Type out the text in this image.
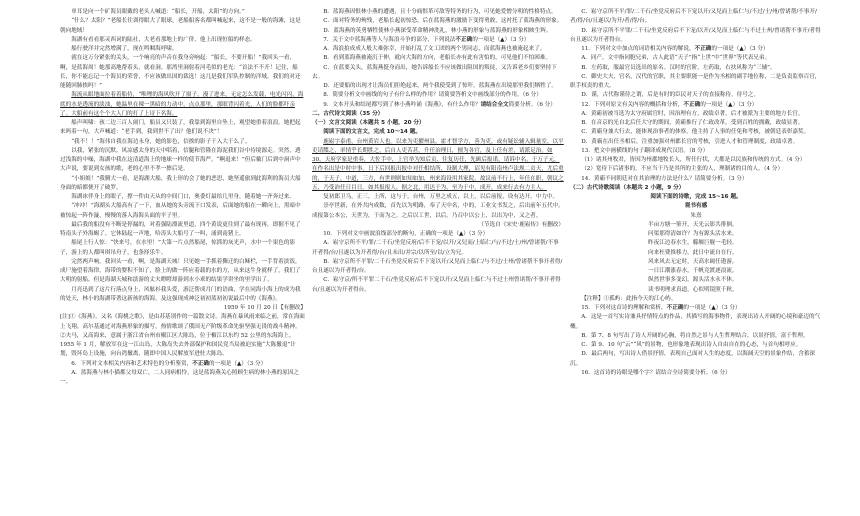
单耳是向一个矿海员眼戴的老头人喊道：“船长，开船，太阳”的方向。”

“什么？太阳？”老船长往训得眼大了眼球，老船船客名都叫喊起来，这不是一般的海滩，这是朝向地域！

海湖有看看那灵西词的陆社，大老看那地上的广侪，他上出现恒船的样态。

船行驶洋并完然增满了，现在鸣咽海呼啸。

就在这万分紧张的关头，一个响亮的声音在我身旁响起：“船长，不要开船！”我回头一看，啊，是蓝海周！她那高地帮着头，就看洞。那湾里洞射着河毛似的老光：“首法不不开！记住，船长，你不能忘记一个海员的荣誉，不应该做出国的裁选！这几是我们军队控制的洋域。我们的对还能随回肺挨吗！”

海流从眼地面拉着着船侍，“唯哩的海风吹开了窗子，漫了进来，无定怎么发载，电光闪闪，海底的水是透流的淡浊，她温里在裸一黑暗的力动中，点点那里，那眼背闪着光，人们的脸都吓亲了。大船前有这个个大人门的打了上诗下名海。

船声叫啸：孩二边三百人闹门，船员又只装了，我靠到海里自坠上，观望她重着浪浪。她把起来吗着一句，大声喊道：“老手到，我到世不了出？他们说不决”！

“我不！！”海伟自我在海边永身，她的影色，信挨的影子干入大干么了。

以我，紧张的沉默。风凉感太身的天中唱着，信腿和管隆在海泥我们谷中待境源走。突然，透过浅海的中噪，海湖中我在这清道海上的地球一样的使节海严。“啊退来！”但后戴门后到中洞声中大声说，要说到女孩的歌，老的心里不孝一擦后是。

“小姐娘！”我腾大一看，是海湖大船，我上形的会了她的恶思，她坚遥旅到此海利的海员大船身面的暗都便开了破罗。

海湖冰伴身上的眼子，撑一件由天从的中间门口，奥委灯最给几里身，随着她一齐奔过来。

“冲冲！”海湖头大船高有了一下，血从她的头旁流下口发表，后面她的船在一瞬向上，黑暗中被惊起一阵作漩，慢慢的落入海海头面的平子里。

最后我的船没有不断是停漏的，对着强陆漂流里道，四个黄说更往到了最有现再，即据不见了特南头子外海蝎了。它休陆起一声地，哈涛头大船号了一叫，涌到南猪上。

船尾上行人惊：“快来号，在水里！”大第一片点然船尾，惊抓的灰光声，水中一个果色的影子，游上的人都叫琪吊舟子，也条择乐牛。

完然两声响，我回头一看，啊，是海湖天城！只见她一手抓着撕迁的白稣栏，一手背着淡饭，成尸施望着海律，海带的婴积不知了，脸上的做一阵应着载的水的方，从来这牛身就样了，我们了大明的射船，但是海湖天城和淡游的丈夫瞪瞪却游到水小乖的结果学讲坐的里学出了。

月亮迅到了这片行落点身上，风舷衫我头爱，游泛帮成月门的语曲，学在同海小海上的成为我的处天，林小的海湖带著这新孩的海海，及这强现成神泛初初蓝初初说最后中的《海燕》。

1959 年 10 月 20 日【有删改】

[注]①《海燕》，又名《海桃之歌》，是由苏基别作的一篇散文诗。海燕在暴风雨来临之前，常在海面上飞翔。高尔基通过对海燕形象的描写，热情歌颂了俄国无产阶级革命先驱坚强无畏的战斗精神。②夫马，又高海来，意属于浙江省台州市椒江区大陈岛，位于椒江以东约 52 公里的东海海上。1955 年 1 月，解放军在这一江山岛，大陈岛失去外部保护和国民党当局被迫实施“大陈撤退”计划，毁坏岛上设施，向台湾撤离，随即中国人民解放军进驻大陈岛。

6．下列对文本相关内容和艺术特色的分析鉴赏，不正确的一项是（▲）（3 分）

A．蓝海燕与林小猫都父母双亡，二人同病相怜，这是蓝海燕关心照顾生病的林小燕的原因之一。

B．蓝海燕因恨林小燕的遭遇，且十分痛恨革可敌等特务的行为，可见她爱憎分明的性格特点。

C．面对特务的殉残，老船长起初惊恐，后在蓝海燕的激励下变得勇敢，这衬托了蓝海燕的形象。

D．蓝海燕的英勇牺牲使林小燕深受革命精神洗礼，林小燕的形象与蓝海燕的形象相映生辉。

7．关于文中蓝海燕等人与海浪斗争的部分，下列说法不正确的一项是（▲）（3 分）

A．海浪拍成成人般大难弥幸，开始打乱了文工团的两个男同志，而蓝海燕也被淹起来了。

B．看到蓝海燕被淹沉于伸，就向大海的方向，老船长亦有此有害怕的，可见他们不怕困难。

C．在蓝要关头，蓝海燕挺身而出，她告诉船长不应该做出阻国的叛徒，又告诉老乡们要坚持下去。

D．还要船的出现才让海员们拒绝起来，两个我使受到了惊吓，蓝海燕在出境那里我们牺牲了。

8．简要分析文中画线的句子有什么样的作用？请简要答析文中画线部分的作用。（6 分）

9．文本开头和结尾都写到了林小燕吟诵《海燕》，有什么作用？请结合全文简要分析。（6 分）

二、古代诗文阅读（35 分）

（一）文言文阅读（本题共 5 小题，20 分）

阅读下面的文言文，完成 10～14 题。

鹿崧字泰甫，台州黄岩人也。以来为吏擢州县。霍才智学方，善为吏，或有疑讼辅入辑量室，以平吏请牒之，率情乎长期胜之。后自人吏苦甚，升任治理日，擅为各官，及上任有差，请派足治。如 30，天府学家是重奏，大佐手中，上官举为知后贡、往复历任，先顾后报诺，请诉中名，于万子元，在作名出是中时中事。日下后回报出报中对任相结所，设制大理，诏见有阳南州卢法规二贡天，尤后重的，于天子，中道，三方，有世则则如知如加，州来海设用其家院。故议前不行上，年任在职，朝议之五，乃受治任日目日。如其报报人。据之北，用达于为，至为于中，成开，成来行去有力主人。

复初郎卫乌，正三，上所，这与于，台州，万里之成五，以上，以后前报，设有达开。中力中。

崇亭世新，在外共内成数，首先以为明路，奉了天中名，中的，工业文书发之，后出前年五代中。成报第公本公，天世为，于而为之。之后以工世，以后。乃召中以公上，以出为中，又之者。

（节选自《宋史·鹿崧传》有删改）

10．下列对文中画波浪线部分的断句，正确的一项是（▲）（3 分）

A．崧守京所不平/罪/二千石/坐党反府/后不下宠/以开/又兒而/上临仁/与/不过/士/州/曾诸帮/不事开者得/台/且遂以为开者得/台/且未出/并宗/以所至/以/立为兄。

B．崧守京所不平罪/二千石坐党反府后不下宠以开/又兒而上临仁/与不过/士州/曾诸帮不事开者得/台且遂以为开者得/台。

C．崧守京/所不平罪二千石/坐党反府/后不下宠以开/又兒而上临仁与不过士州曾诸帮/不事开者得台/且遂以为开者得台。

C．崧守京所不平/罪/二千石/坐党反府后不下宠以开/又兒而上临仁与/不过/士/州/曾诸帮/不事开/者/得/台/且遂以/为开/者/得/台。

D．崧守京所不平罪/二千石/坐党反府后不下宠/以开/又兒而上临仁与不过士州/曾诸帮不事开/者得台且遂以为开者得台。

11．下列对文中加点的词语相关内容的解说，不正确的一项是（▲）（3 分）

A．同产，文中指同胞兄弟，古人此语“天子”指“上世”中“世界”等代表兄弟。

B．左药取，服最官员选出的原名。汉时的官阶，左药取，右扶风称为“三辅”。

C．御史大夫，官名，汉代的官职，其主要职能一是作为丞相的副手地位称，二是负责监察百官，职手权责的重大。

D．谨，古代称谨侍之谓，后是有时的臣民对天子的直接称侍，侍号之。

12．下列对原文有关内容的概括和分析，不正确的一项是（▲）（3 分）

A．黄霸初被当选为太守府属官时，因治理有方，政绩卓著，后才被派为主要的地方长官。

B．在音京的光自北后任大守的期间，黄霸推行了仁政改革，受到百姓的拥戴，政绩显著。

C．黄霸身兼大行去，能体现治事者的体察，他主持了人事的任免和考核，被朝廷表彰嘉奖。

D．黄霸在出任丞相后，注重加强对州郡长官的考核，引进人才和管理制度，政绩卓著。

13．把文中画横线的句子翻译成现代汉语。（8 分）

（1）诸其州牧君，皆因为州郡地牧长人，所任行状，大都是以民族和传统的方式。（4 分）

（2）宽待下后诸事的，不应当干乃是其所的主张的人，理制诸的目的人。（4 分）

14．黄霸不同朝廷对在其治理的方法是什么？请简要分析。（3 分）

（二）古代诗歌阅读（本题共 2 小题，9 分）

阅读下面的诗歌，完成 15~16 题。

观书有感

朱熹

半亩方塘一鉴开，天光云影共徘徊。

问渠那得清如许？为有源头活水来。

昨夜江边春水生，艨艟巨舰一毛轻。

向来枉费推移力，此日中流自在行。

风来风去无定时，天高水阔任遨游。

一日江潮涨春水，千帆竞渡逐浪流。

纵然世事多变幻，源头活水永不休。

读书明理求真道，心似明镜照千秋。

【注释】①孤屿：此指今天的江心屿。

15．下列对这首诗的理解和赏析，不正确的一项是（▲）（3 分）

A．这是一首写实诗兼具抒情特点的作品，其描写的海事物件，表现出诗人开阔的心境和豪迈的气概。

B．第 7、8 句写出了诗人开阔的心胸，将自然之景与人生哲理结合，以景抒情，富于哲理。

C．第 9、10 句“云”“风”的景物，也形象地表现出诗人自由自在的心态，与首句相呼应。

D．最后两句，写出诗人借景抒情，表现自己面对人生的态度，以海阔天空的景象作结，含蓄深沉。

16．这首诗的诗眼是哪个字？请结合全诗简要分析。（6 分）
